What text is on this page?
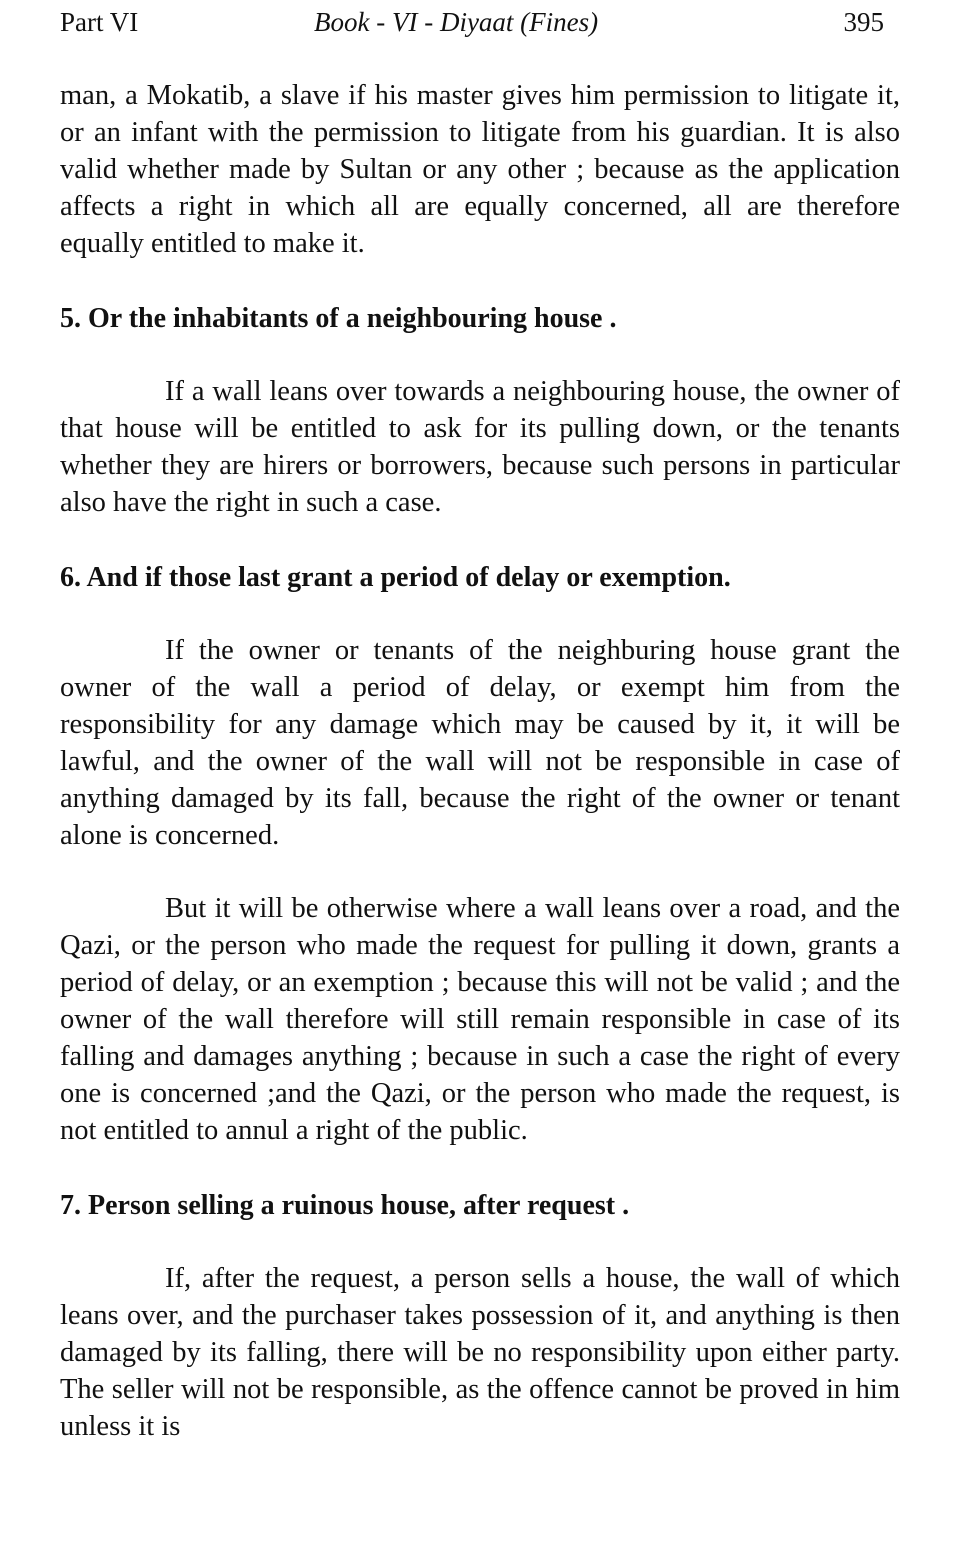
Part VI	Book - VI - Diyaat (Fines)	395

man, a Mokatib, a slave if his master gives him permission to litigate it, or an infant with the permission to litigate from his guardian. It is also valid whether made by Sultan or any other ; because as the application affects a right in which all are equally concerned, all are therefore equally entitled to make it.

5. Or the inhabitants of a neighbouring house .

If a wall leans over towards a neighbouring house, the owner of that house will be entitled to ask for its pulling down, or the tenants whether they are hirers or borrowers, because such persons in particular also have the right in such a case.

6. And if those last grant a period of delay or exemption.

If the owner or tenants of the neighburing house grant the owner of the wall a period of delay, or exempt him from the responsibility for any damage which may be caused by it, it will be lawful, and the owner of the wall will not be responsible in case of anything damaged by its fall, because the right of the owner or tenant alone is concerned.

But it will be otherwise where a wall leans over a road, and the Qazi, or the person who made the request for pulling it down, grants a period of delay, or an exemption ; because this will not be valid ; and the owner of the wall therefore will still remain responsible in case of its falling and damages anything ; because in such a case the right of every one is concerned ;and the Qazi, or the person who made the request, is not entitled to annul a right of the public.

7. Person selling a ruinous house, after request .

If, after the request, a person sells a house, the wall of which leans over, and the purchaser takes possession of it, and anything is then damaged by its falling, there will be no responsibility upon either party. The seller will not be responsible, as the offence cannot be proved in him unless it is
